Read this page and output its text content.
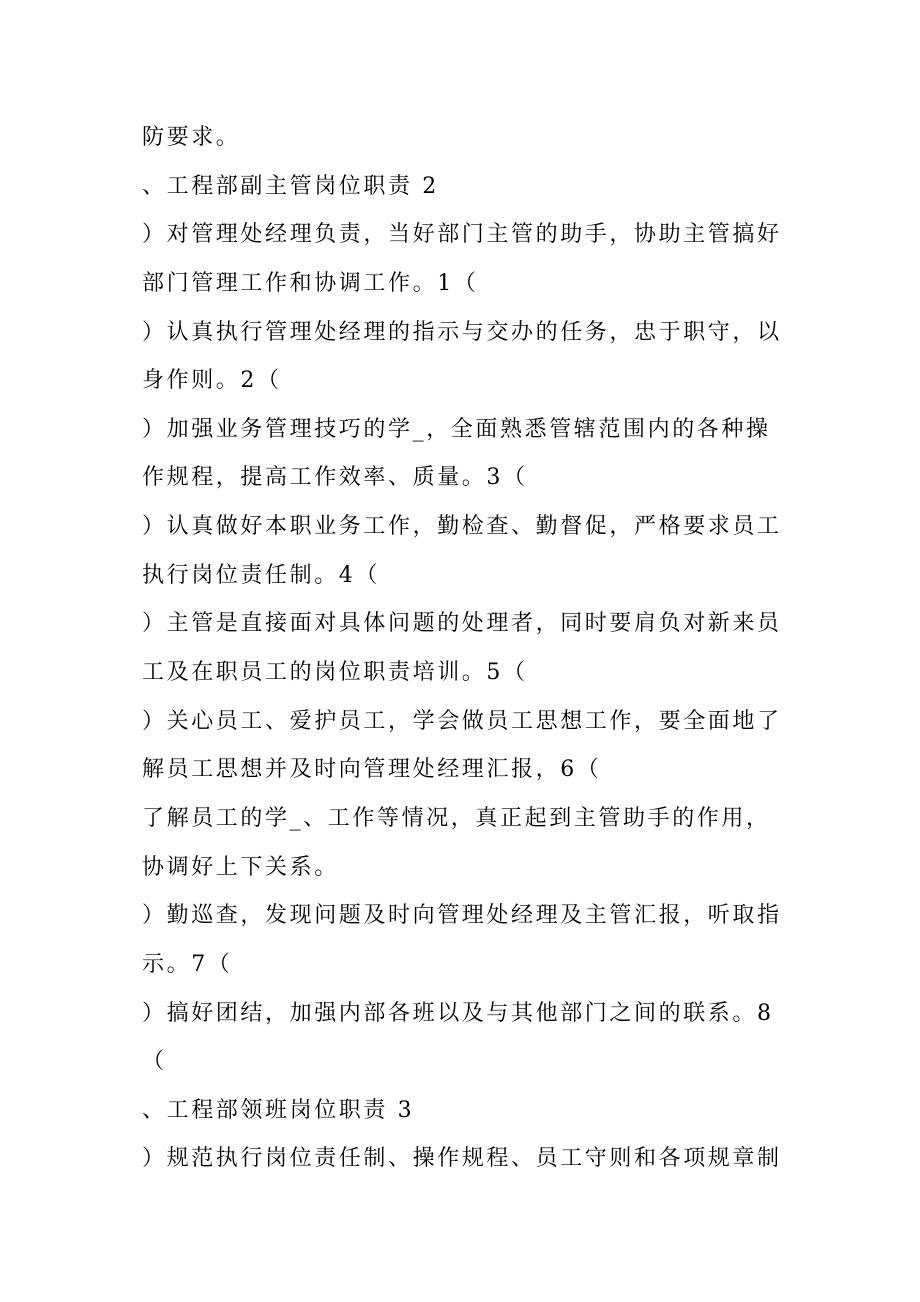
防要求。
、工程部副主管岗位职责 2
）对管理处经理负责，当好部门主管的助手，协助主管搞好
部门管理工作和协调工作。1（
）认真执行管理处经理的指示与交办的任务，忠于职守，以
身作则。2（
）加强业务管理技巧的学_，全面熟悉管辖范围内的各种操
作规程，提高工作效率、质量。3（
）认真做好本职业务工作，勤检查、勤督促，严格要求员工
执行岗位责任制。4（
）主管是直接面对具体问题的处理者，同时要肩负对新来员
工及在职员工的岗位职责培训。5（
）关心员工、爱护员工，学会做员工思想工作，要全面地了
解员工思想并及时向管理处经理汇报，6（
了解员工的学_、工作等情况，真正起到主管助手的作用，
协调好上下关系。
）勤巡查，发现问题及时向管理处经理及主管汇报，听取指
示。7（
）搞好团结，加强内部各班以及与其他部门之间的联系。8
（
、工程部领班岗位职责 3
）规范执行岗位责任制、操作规程、员工守则和各项规章制
